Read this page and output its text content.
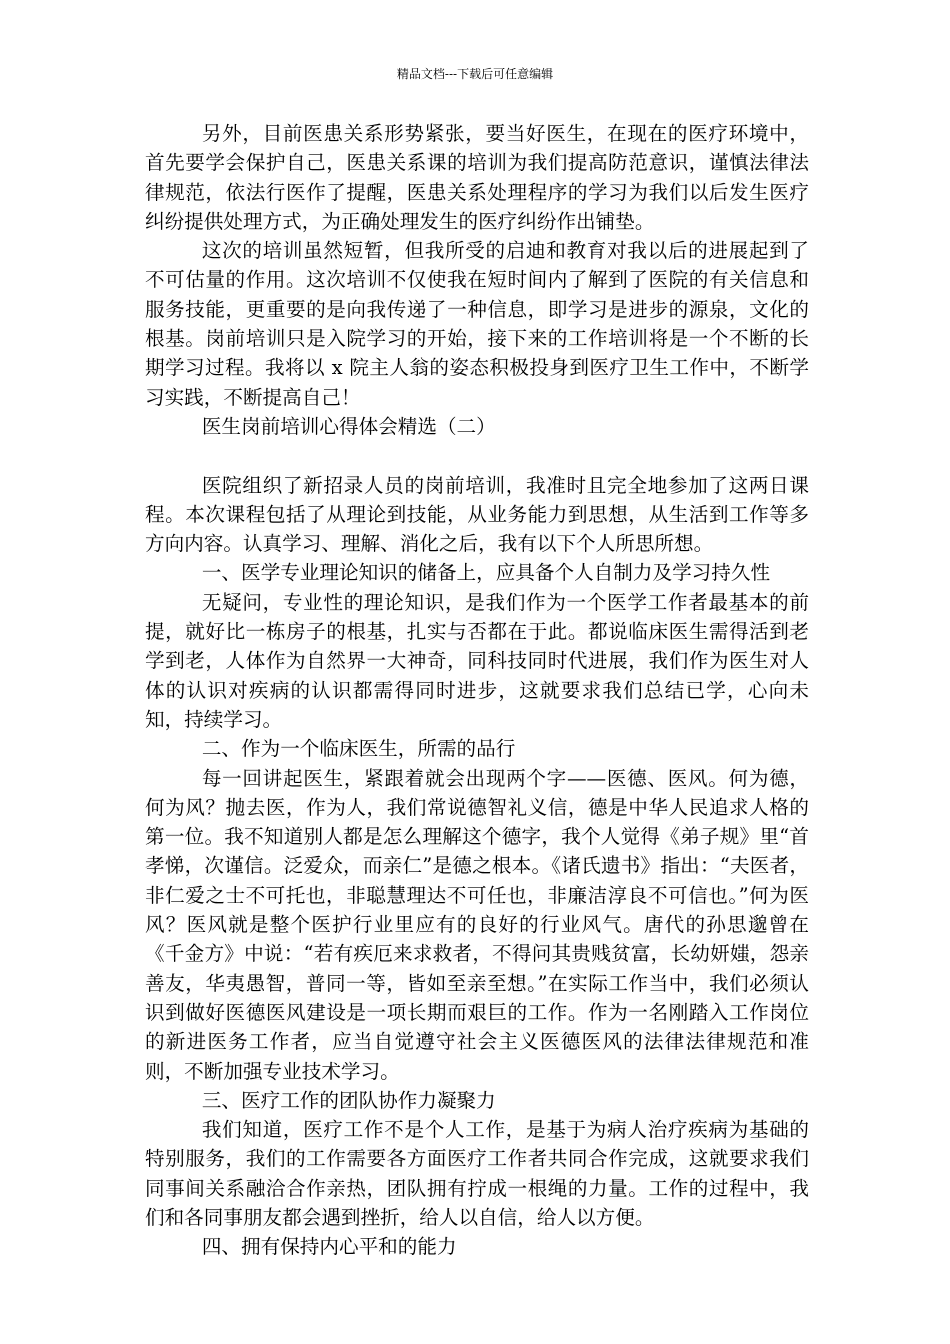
精品文档---下载后可任意编辑

另外，目前医患关系形势紧张，要当好医生，在现在的医疗环境中，首先要学会保护自己，医患关系课的培训为我们提高防范意识，谨慎法律法律规范，依法行医作了提醒，医患关系处理程序的学习为我们以后发生医疗纠纷提供处理方式，为正确处理发生的医疗纠纷作出铺垫。

这次的培训虽然短暂，但我所受的启迪和教育对我以后的进展起到了不可估量的作用。这次培训不仅使我在短时间内了解到了医院的有关信息和服务技能，更重要的是向我传递了一种信息，即学习是进步的源泉，文化的根基。岗前培训只是入院学习的开始，接下来的工作培训将是一个不断的长期学习过程。我将以 x 院主人翁的姿态积极投身到医疗卫生工作中，不断学习实践，不断提高自己！

医生岗前培训心得体会精选（二）

医院组织了新招录人员的岗前培训，我准时且完全地参加了这两日课程。本次课程包括了从理论到技能，从业务能力到思想，从生活到工作等多方向内容。认真学习、理解、消化之后，我有以下个人所思所想。

一、医学专业理论知识的储备上，应具备个人自制力及学习持久性

无疑问，专业性的理论知识，是我们作为一个医学工作者最基本的前提，就好比一栋房子的根基，扎实与否都在于此。都说临床医生需得活到老学到老，人体作为自然界一大神奇，同科技同时代进展，我们作为医生对人体的认识对疾病的认识都需得同时进步，这就要求我们总结已学，心向未知，持续学习。

二、作为一个临床医生，所需的品行

每一回讲起医生，紧跟着就会出现两个字——医德、医风。何为德，何为风？抛去医，作为人，我们常说德智礼义信，德是中华人民追求人格的第一位。我不知道别人都是怎么理解这个德字，我个人觉得《弟子规》里“首孝悌，次谨信。泛爱众，而亲仁”是德之根本。《诸氏遗书》指出：“夫医者，非仁爱之士不可托也，非聪慧理达不可任也，非廉洁淳良不可信也。”何为医风？医风就是整个医护行业里应有的良好的行业风气。唐代的孙思邈曾在《千金方》中说：“若有疾厄来求救者，不得问其贵贱贫富，长幼妍媸，怨亲善友，华夷愚智，普同一等，皆如至亲至想。”在实际工作当中，我们必须认识到做好医德医风建设是一项长期而艰巨的工作。作为一名刚踏入工作岗位的新进医务工作者，应当自觉遵守社会主义医德医风的法律法律规范和准则，不断加强专业技术学习。

三、医疗工作的团队协作力凝聚力

我们知道，医疗工作不是个人工作，是基于为病人治疗疾病为基础的特别服务，我们的工作需要各方面医疗工作者共同合作完成，这就要求我们同事间关系融洽合作亲热，团队拥有拧成一根绳的力量。工作的过程中，我们和各同事朋友都会遇到挫折，给人以自信，给人以方便。

四、拥有保持内心平和的能力
